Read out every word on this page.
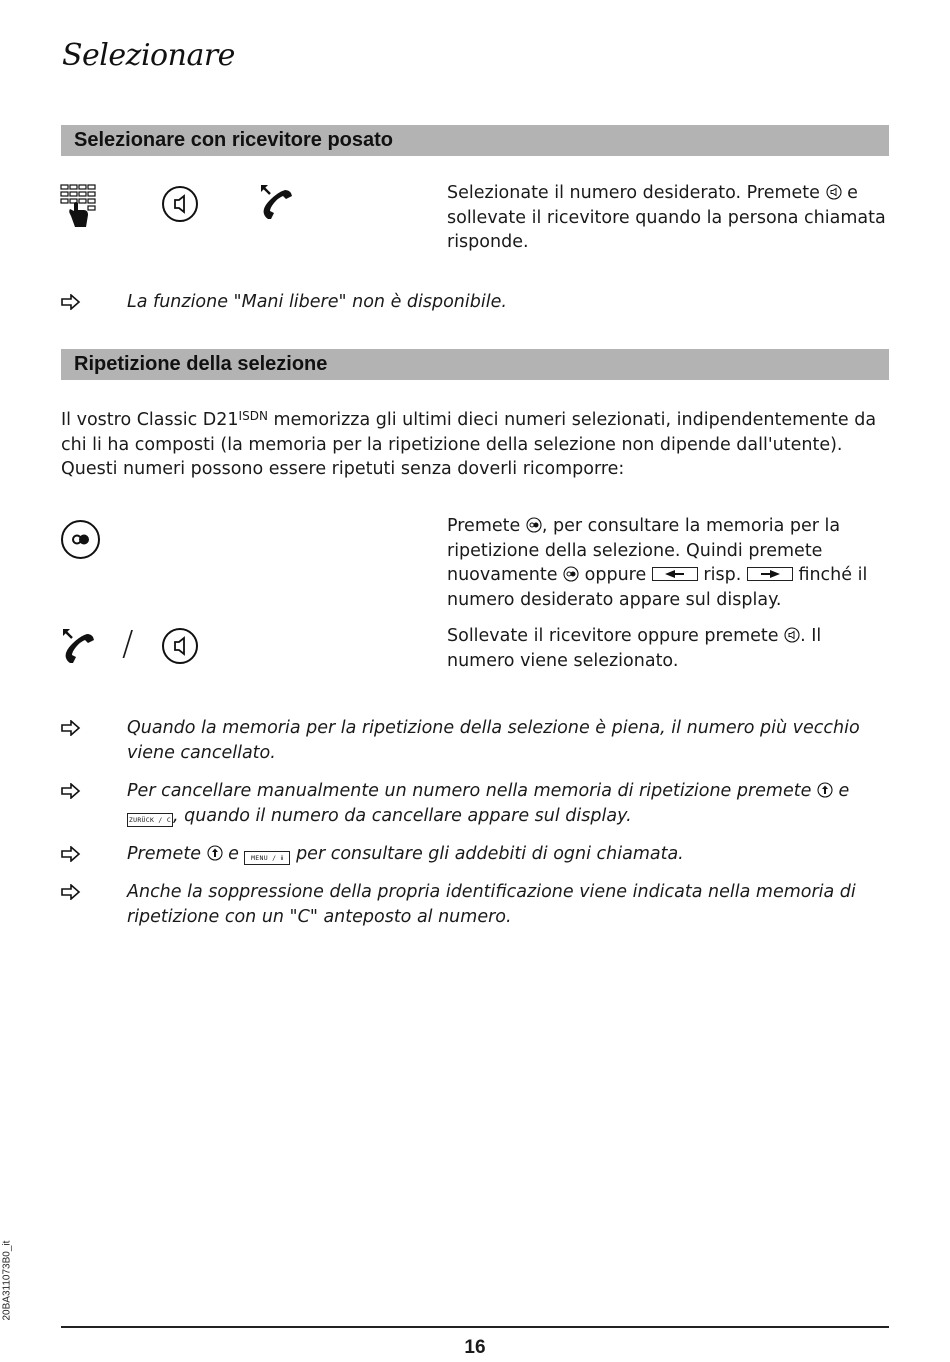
Selezionare
Selezionare con ricevitore posato
Selezionate il numero desiderato. Premete e sollevate il ricevitore quando la persona chiamata risponde.
La funzione "Mani libere" non è disponibile.
Ripetizione della selezione
Il vostro Classic $D21^{ISDN}$ memorizza gli ultimi dieci numeri selezionati, indipendentemente da chi li ha composti (la memoria per la ripetizione della selezione non dipende dall'utente). Questi numeri possono essere ripetuti senza doverli ricomporre:
Premete , per consultare la memoria per la ripetizione della selezione. Quindi premete nuovamente oppure	risp.	finché il numero desiderato appare sul display.
/	Sollevate il ricevitore oppure premete . Il numero viene selezionato.
Quando la memoria per la ripetizione della selezione è piena, il numero più vecchio viene cancellato.
Per cancellare manualmente un numero nella memoria di ripetizione premete e
ZURÜCK / C , quando il numero da cancellare appare sul display.
Premete e	MENU / ⅱ per consultare gli addebiti di ogni chiamata.
Anche la soppressione della propria identificazione viene indicata nella memoria di ripetizione con un "C" anteposto al numero.
20BA311073B0_it
16
